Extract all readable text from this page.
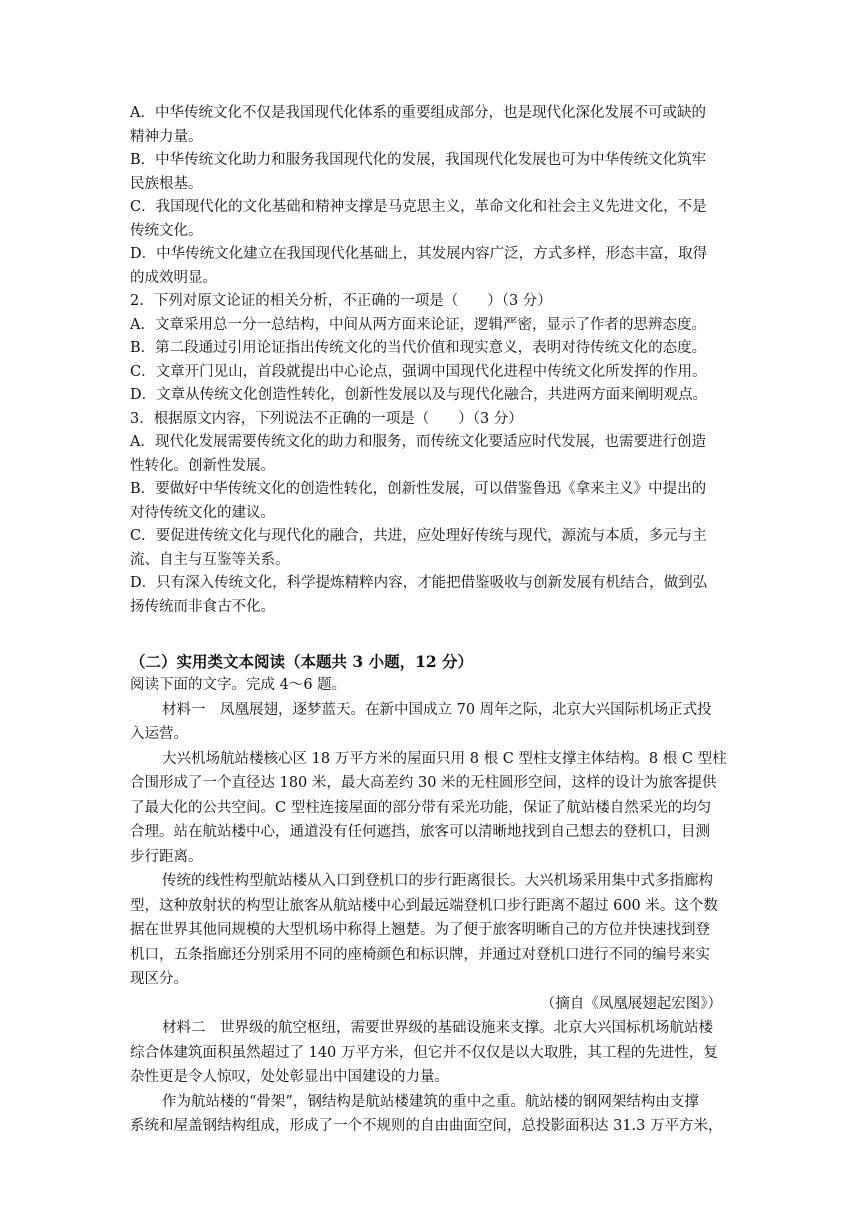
A．中华传统文化不仅是我国现代化体系的重要组成部分，也是现代化深化发展不可或缺的
精神力量。
B．中华传统文化助力和服务我国现代化的发展，我国现代化发展也可为中华传统文化筑牢
民族根基。
C．我国现代化的文化基础和精神支撑是马克思主义，革命文化和社会主义先进文化，不是
传统文化。
D．中华传统文化建立在我国现代化基础上，其发展内容广泛，方式多样，形态丰富，取得
的成效明显。
2．下列对原文论证的相关分析，不正确的一项是（　　）（3 分）
A．文章采用总一分一总结构，中间从两方面来论证，逻辑严密，显示了作者的思辨态度。
B．第二段通过引用论证指出传统文化的当代价值和现实意义，表明对待传统文化的态度。
C．文章开门见山，首段就提出中心论点，强调中国现代化进程中传统文化所发挥的作用。
D．文章从传统文化创造性转化，创新性发展以及与现代化融合，共进两方面来阐明观点。
3．根据原文内容，下列说法不正确的一项是（　　）（3 分）
A．现代化发展需要传统文化的助力和服务，而传统文化要适应时代发展，也需要进行创造
性转化。创新性发展。
B．要做好中华传统文化的创造性转化，创新性发展，可以借鉴鲁迅《拿来主义》中提出的
对待传统文化的建议。
C．要促进传统文化与现代化的融合，共进，应处理好传统与现代，源流与本质，多元与主
流、自主与互鉴等关系。
D．只有深入传统文化，科学提炼精粹内容，才能把借鉴吸收与创新发展有机结合，做到弘
扬传统而非食古不化。
（二）实用类文本阅读（本题共 3 小题，12 分）
阅读下面的文字。完成 4～6 题。
材料一　凤凰展翅，逐梦蓝天。在新中国成立 70 周年之际，北京大兴国际机场正式投
入运营。
大兴机场航站楼核心区 18 万平方米的屋面只用 8 根 C 型柱支撑主体结构。8 根 C 型柱
合围形成了一个直径达 180 米，最大高差约 30 米的无柱圆形空间，这样的设计为旅客提供
了最大化的公共空间。C 型柱连接屋面的部分带有采光功能，保证了航站楼自然采光的均匀
合理。站在航站楼中心，通道没有任何遮挡，旅客可以清晰地找到自己想去的登机口，目测
步行距离。
传统的线性构型航站楼从入口到登机口的步行距离很长。大兴机场采用集中式多指廊构
型，这种放射状的构型让旅客从航站楼中心到最远端登机口步行距离不超过 600 米。这个数
据在世界其他同规模的大型机场中称得上翘楚。为了便于旅客明晰自己的方位并快速找到登
机口，五条指廊还分别采用不同的座椅颜色和标识牌，并通过对登机口进行不同的编号来实
现区分。
（摘自《凤凰展翅起宏图》）
材料二　世界级的航空枢纽，需要世界级的基础设施来支撑。北京大兴国标机场航站楼
综合体建筑面积虽然超过了 140 万平方米，但它并不仅仅是以大取胜，其工程的先进性，复
杂性更是令人惊叹，处处彰显出中国建设的力量。
作为航站楼的“骨架”，钢结构是航站楼建筑的重中之重。航站楼的钢网架结构由支撑
系统和屋盖钢结构组成，形成了一个不规则的自由曲面空间，总投影面积达 31.3 万平方米，
